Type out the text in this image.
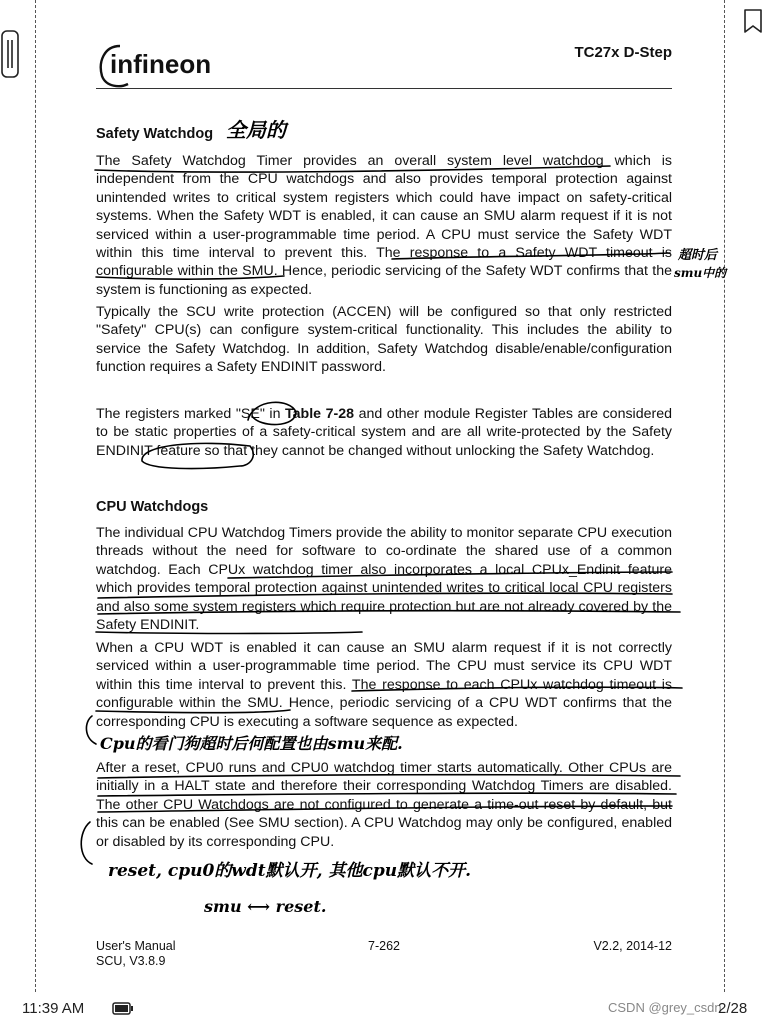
infineon	TC27x D-Step
Safety Watchdog 全局的

The Safety Watchdog Timer provides an overall system level watchdog which is independent from the CPU watchdogs and also provides temporal protection against unintended writes to critical system registers which could have impact on safety-critical systems. When the Safety WDT is enabled, it can cause an SMU alarm request if it is not serviced within a user-programmable time period. A CPU must service the Safety WDT within this time interval to prevent this. The response to a Safety WDT timeout is configurable within the SMU. Hence, periodic servicing of the Safety WDT confirms that the system is functioning as expected.

超时后
smu中的

Typically the SCU write protection (ACCEN) will be configured so that only restricted "Safety" CPU(s) can configure system-critical functionality. This includes the ability to service the Safety Watchdog. In addition, Safety Watchdog disable/enable/configuration function requires a Safety ENDINIT password.

The registers marked "SE" in Table 7-28 and other module Register Tables are considered to be static properties of a safety-critical system and are all write-protected by the Safety ENDINIT feature so that they cannot be changed without unlocking the Safety Watchdog.

CPU Watchdogs

The individual CPU Watchdog Timers provide the ability to monitor separate CPU execution threads without the need for software to co-ordinate the shared use of a common watchdog. Each CPUx watchdog timer also incorporates a local CPUx_Endinit feature which provides temporal protection against unintended writes to critical local CPU registers and also some system registers which require protection but are not already covered by the Safety ENDINIT.

When a CPU WDT is enabled it can cause an SMU alarm request if it is not correctly serviced within a user-programmable time period. The CPU must service its CPU WDT within this time interval to prevent this. The response to each CPUx watchdog timeout is configurable within the SMU. Hence, periodic servicing of a CPU WDT confirms that the corresponding CPU is executing a software sequence as expected.

Cpu的看门狗超时后何配置也由smu来配.

After a reset, CPU0 runs and CPU0 watchdog timer starts automatically. Other CPUs are initially in a HALT state and therefore their corresponding Watchdog Timers are disabled. The other CPU Watchdogs are not configured to generate a time-out reset by default, but this can be enabled (See SMU section). A CPU Watchdog may only be configured, enabled or disabled by its corresponding CPU.

reset, cpu0的wdt默认开, 其他cpu默认不开.
smu ⟷ reset.
User's Manual
SCU, V3.8.9
7-262	V2.2, 2014-12
11:39 AM	CSDN @grey_csdn
2/28
